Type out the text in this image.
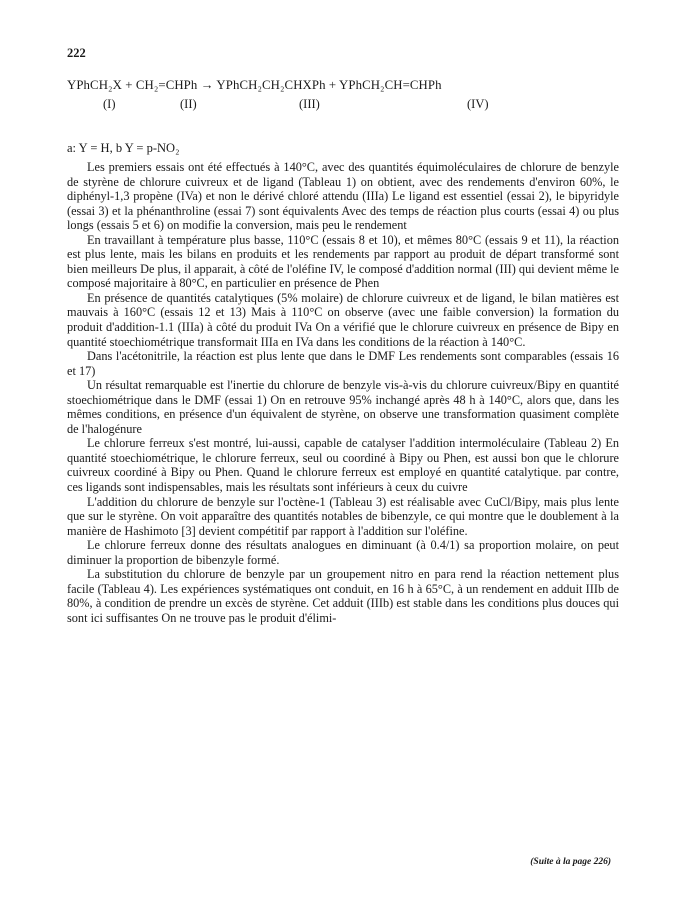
222
YPhCH₂X + CH₂=CHPh → YPhCH₂CH₂CHXPh + YPhCH₂CH=CHPh
(I)	(II)	(III)	(IV)
a: Y = H, b Y = p-NO₂

Les premiers essais ont été effectués à 140°C, avec des quantités équimoléculaires de chlorure de benzyle de styrène de chlorure cuivreux et de ligand (Tableau 1) on obtient, avec des rendements d'environ 60%, le diphényl-1,3 propène (IVa) et non le dérivé chloré attendu (IIIa) Le ligand est essentiel (essai 2), le bipyridyle (essai 3) et la phénanthroline (essai 7) sont équivalents Avec des temps de réaction plus courts (essai 4) ou plus longs (essais 5 et 6) on modifie la conversion, mais peu le rendement

En travaillant à température plus basse, 110°C (essais 8 et 10), et mêmes 80°C (essais 9 et 11), la réaction est plus lente, mais les bilans en produits et les rendements par rapport au produit de départ transformé sont bien meilleurs De plus, il apparait, à côté de l'oléfine IV, le composé d'addition normal (III) qui devient même le composé majoritaire à 80°C, en particulier en présence de Phen

En présence de quantités catalytiques (5% molaire) de chlorure cuivreux et de ligand, le bilan matières est mauvais à 160°C (essais 12 et 13) Mais à 110°C on observe (avec une faible conversion) la formation du produit d'addition-1.1 (IIIa) à côté du produit IVa On a vérifié que le chlorure cuivreux en présence de Bipy en quantité stoechiométrique transformait IIIa en IVa dans les conditions de la réaction à 140°C.

Dans l'acétonitrile, la réaction est plus lente que dans le DMF Les rendements sont comparables (essais 16 et 17)

Un résultat remarquable est l'inertie du chlorure de benzyle vis-à-vis du chlorure cuivreux/Bipy en quantité stoechiométrique dans le DMF (essai 1) On en retrouve 95% inchangé après 48 h à 140°C, alors que, dans les mêmes conditions, en présence d'un équivalent de styrène, on observe une transformation quasiment complète de l'halogénure

Le chlorure ferreux s'est montré, lui-aussi, capable de catalyser l'addition intermoléculaire (Tableau 2) En quantité stoechiométrique, le chlorure ferreux, seul ou coordiné à Bipy ou Phen, est aussi bon que le chlorure cuivreux coordiné à Bipy ou Phen. Quand le chlorure ferreux est employé en quantité catalytique. par contre, ces ligands sont indispensables, mais les résultats sont inférieurs à ceux du cuivre

L'addition du chlorure de benzyle sur l'octène-1 (Tableau 3) est réalisable avec CuCl/Bipy, mais plus lente que sur le styrène. On voit apparaître des quantités notables de bibenzyle, ce qui montre que le doublement à la manière de Hashimoto [3] devient compétitif par rapport à l'addition sur l'oléfine.

Le chlorure ferreux donne des résultats analogues en diminuant (à 0.4/1) sa proportion molaire, on peut diminuer la proportion de bibenzyle formé.

La substitution du chlorure de benzyle par un groupement nitro en para rend la réaction nettement plus facile (Tableau 4). Les expériences systématiques ont conduit, en 16 h à 65°C, à un rendement en adduit IIIb de 80%, à condition de prendre un excès de styrène. Cet adduit (IIIb) est stable dans les conditions plus douces qui sont ici suffisantes On ne trouve pas le produit d'élimi-

(Suite à la page 226)
